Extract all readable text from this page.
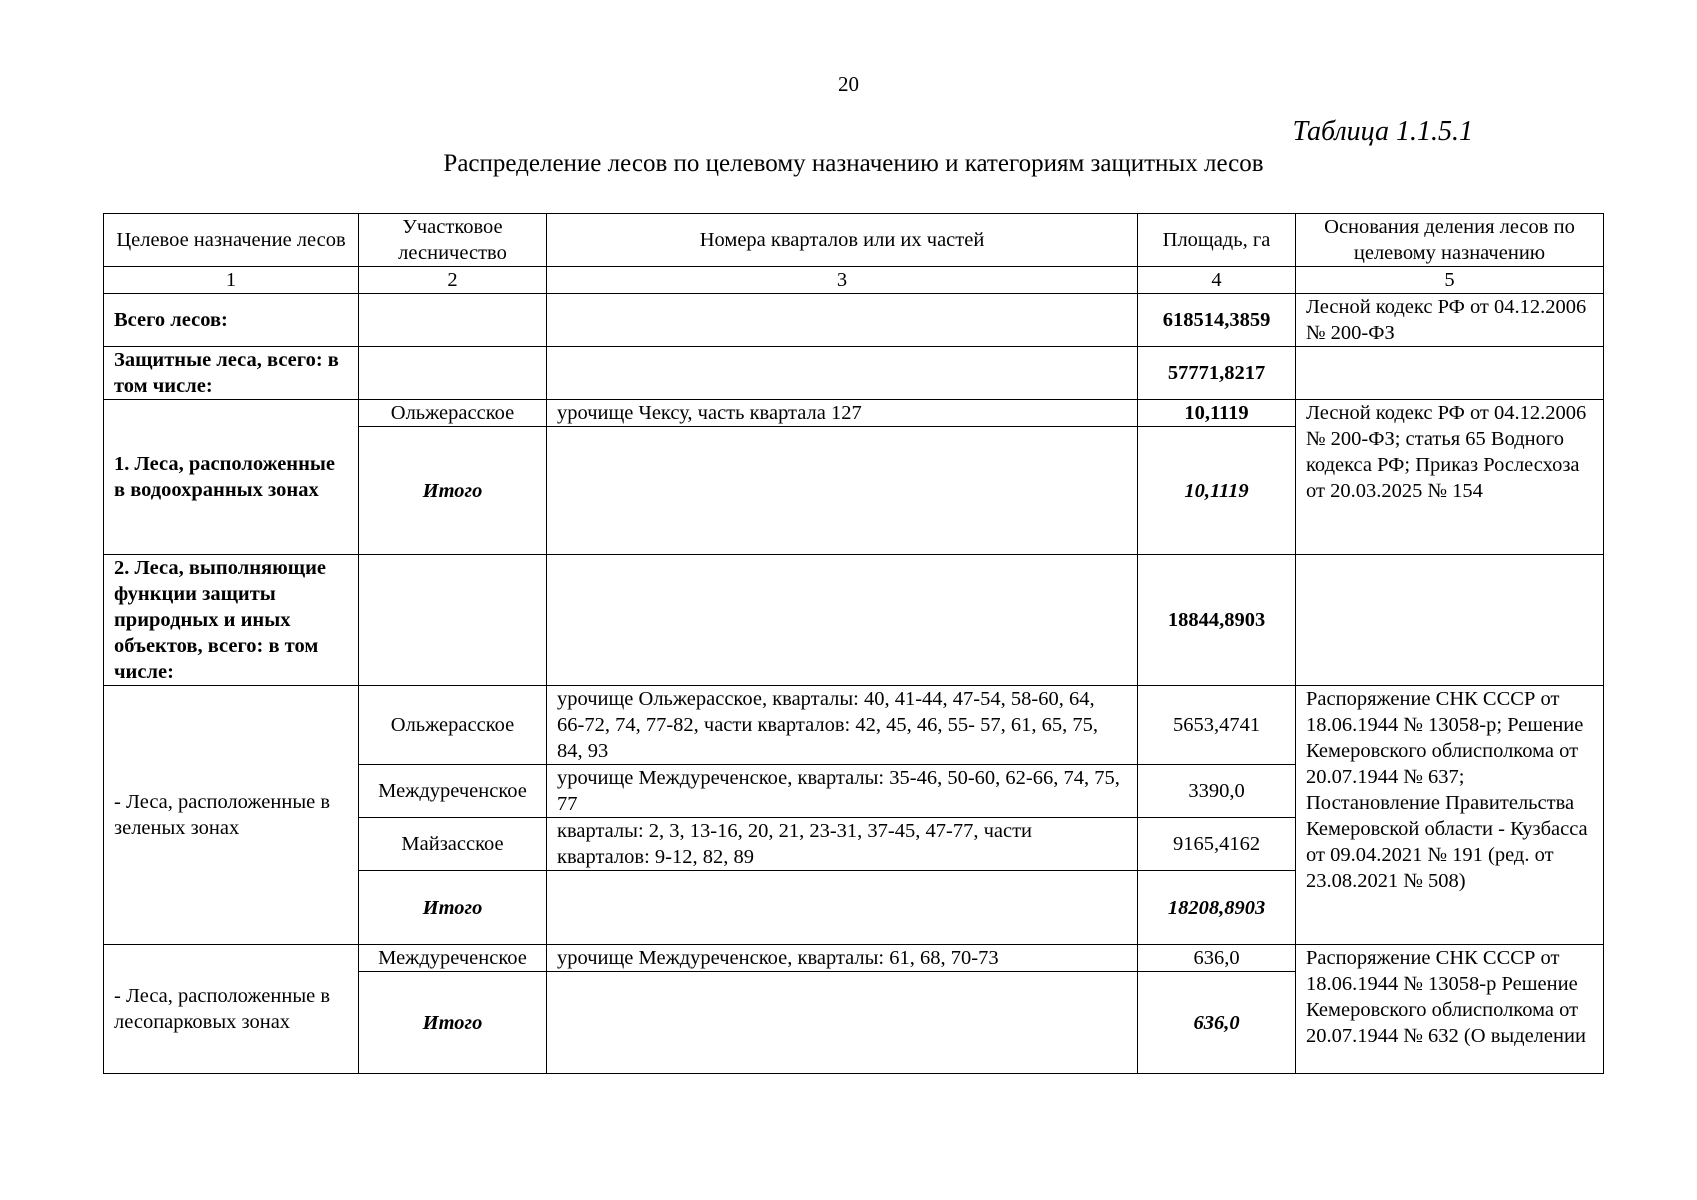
20
Таблица 1.1.5.1
Распределение лесов по целевому назначению и категориям защитных лесов
Целевое назначение лесов	Участковое лесничество	Номера кварталов или их частей	Площадь, га	Основания деления лесов по целевому назначению
1	2	3	4	5
Всего лесов:			618514,3859	Лесной кодекс РФ от 04.12.2006 № 200-ФЗ
Защитные леса, всего: в том числе:			57771,8217	
1. Леса, расположенные в водоохранных зонах	Ольжерасское	урочище Чексу, часть квартала 127	10,1119	Лесной кодекс РФ от 04.12.2006 № 200-ФЗ; статья 65 Водного кодекса РФ; Приказ Рослесхоза от 20.03.2025 № 154
	Итого		10,1119	
2. Леса, выполняющие функции защиты природных и иных объектов, всего: в том числе:			18844,8903	
- Леса, расположенные в зеленых зонах	Ольжерасское	урочище Ольжерасское, кварталы: 40, 41-44, 47-54, 58-60, 64, 66-72, 74, 77-82, части кварталов: 42, 45, 46, 55- 57, 61, 65, 75, 84, 93	5653,4741	Распоряжение СНК СССР от 18.06.1944 № 13058-р; Решение Кемеровского облисполкома от 20.07.1944 № 637; Постановление Правительства Кемеровской области - Кузбасса от 09.04.2021 № 191 (ред. от 23.08.2021 № 508)
	Междуреченское	урочище Междуреченское, кварталы: 35-46, 50-60, 62-66, 74, 75, 77	3390,0	
	Майзасское	кварталы: 2, 3, 13-16, 20, 21, 23-31, 37-45, 47-77, части кварталов: 9-12, 82, 89	9165,4162	
	Итого		18208,8903	
- Леса, расположенные в лесопарковых зонах	Междуреченское	урочище Междуреченское, кварталы: 61, 68, 70-73	636,0	Распоряжение СНК СССР от 18.06.1944 № 13058-р Решение Кемеровского облисполкома от 20.07.1944 № 632 (О выделении
	Итого		636,0	
